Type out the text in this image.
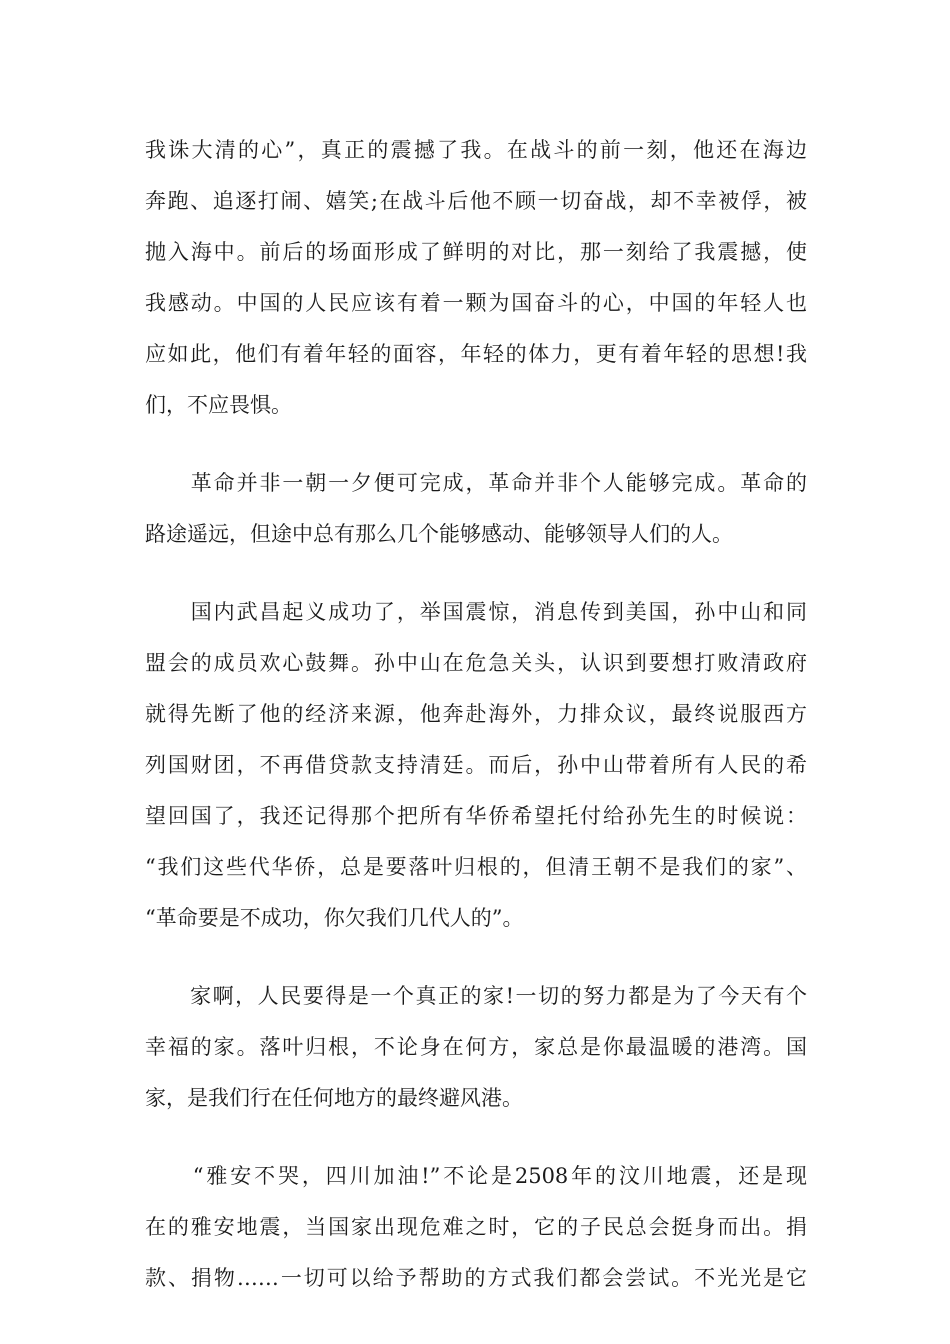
我诛大清的心”，真正的震撼了我。在战斗的前一刻，他还在海边
奔跑、追逐打闹、嬉笑;在战斗后他不顾一切奋战，却不幸被俘，被
抛入海中。前后的场面形成了鲜明的对比，那一刻给了我震撼，使
我感动。中国的人民应该有着一颗为国奋斗的心，中国的年轻人也
应如此，他们有着年轻的面容，年轻的体力，更有着年轻的思想!我
们，不应畏惧。
　　革命并非一朝一夕便可完成，革命并非个人能够完成。革命的
路途遥远，但途中总有那么几个能够感动、能够领导人们的人。
　　国内武昌起义成功了，举国震惊，消息传到美国，孙中山和同
盟会的成员欢心鼓舞。孙中山在危急关头，认识到要想打败清政府
就得先断了他的经济来源，他奔赴海外，力排众议，最终说服西方
列国财团，不再借贷款支持清廷。而后，孙中山带着所有人民的希
望回国了，我还记得那个把所有华侨希望托付给孙先生的时候说：
“我们这些代华侨，总是要落叶归根的，但清王朝不是我们的家”、
“革命要是不成功，你欠我们几代人的”。
　　家啊，人民要得是一个真正的家!一切的努力都是为了今天有个
幸福的家。落叶归根，不论身在何方，家总是你最温暖的港湾。国
家，是我们行在任何地方的最终避风港。
　　“雅安不哭，四川加油!”不论是2508年的汶川地震，还是现
在的雅安地震，当国家出现危难之时，它的子民总会挺身而出。捐
款、捐物……一切可以给予帮助的方式我们都会尝试。不光光是它
